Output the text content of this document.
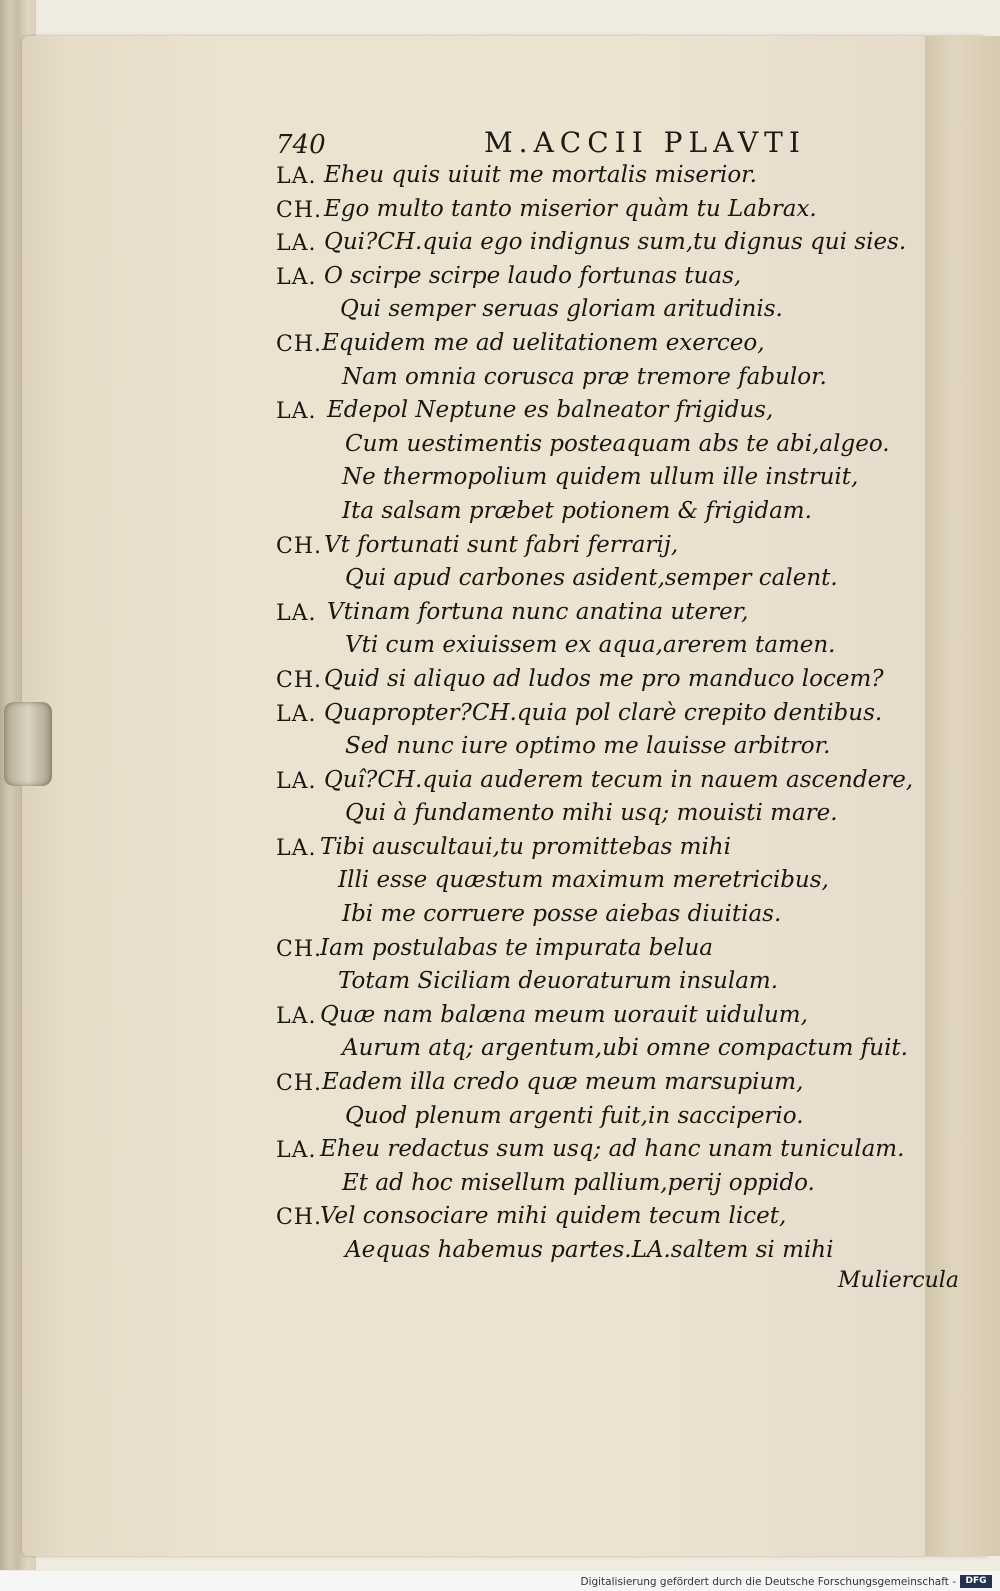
740	M.ACCII PLAVTI
LA. Eheu quis uiuit me mortalis miserior.
CH. Ego multo tanto miserior quàm tu Labrax.
LA. Qui?CH.quia ego indignus sum,tu dignus qui sies.
LA. O scirpe scirpe laudo fortunas tuas,
Qui semper seruas gloriam aritudinis.
CH. Equidem me ad uelitationem exerceo,
Nam omnia corusca præ tremore fabulor.
LA. Edepol Neptune es balneator frigidus,
Cum uestimentis posteaquam abs te abi,algeo.
Ne thermopolium quidem ullum ille instruit,
Ita salsam præbet potionem & frigidam.
CH. Vt fortunati sunt fabri ferrarij,
Qui apud carbones asident,semper calent.
LA. Vtinam fortuna nunc anatina uterer,
Vti cum exiuissem ex aqua,arerem tamen.
CH. Quid si aliquo ad ludos me pro manduco locem?
LA. Quapropter?CH.quia pol clarè crepito dentibus.
Sed nunc iure optimo me lauisse arbitror.
LA. Quî?CH.quia auderem tecum in nauem ascendere,
Qui à fundamento mihi usq; mouisti mare.
LA. Tibi auscultaui,tu promittebas mihi
Illi esse quæstum maximum meretricibus,
Ibi me corruere posse aiebas diuitias.
CH.
Iam postulabas te impurata belua
Totam Siciliam deuoraturum insulam.
LA. Quæ nam balæna meum uorauit uidulum,
Aurum atq; argentum,ubi omne compactum fuit.
CH. Eadem illa credo quæ meum marsupium,
Quod plenum argenti fuit,in sacciperio.
LA. Eheu redactus sum usq; ad hanc unam tuniculam.
Et ad hoc misellum pallium,perij oppido.
CH.
Vel consociare mihi quidem tecum licet,
Aequas habemus partes.LA.saltem si mihi
Muliercula
Digitalisierung gefördert durch die Deutsche Forschungsgemeinschaft -	DFG
